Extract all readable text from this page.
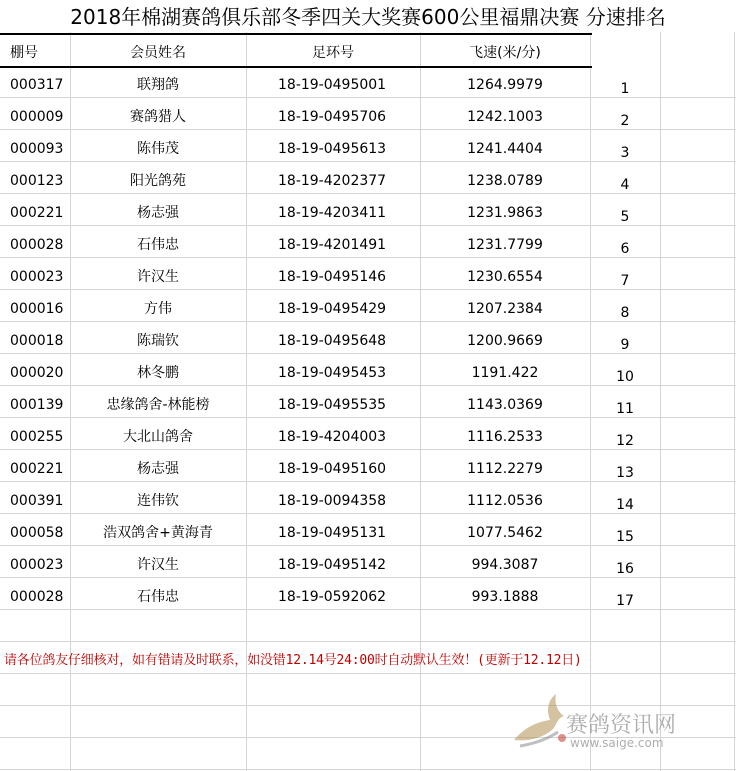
2018年棉湖赛鸽俱乐部冬季四关大奖赛600公里福鼎决赛 分速排名
棚号	会员姓名	足环号	飞速(米/分)
000317	联翔鸽	18-19-0495001	1264.9979	1
000009	赛鸽猎人	18-19-0495706	1242.1003	2
000093	陈伟茂	18-19-0495613	1241.4404	3
000123	阳光鸽苑	18-19-4202377	1238.0789	4
000221	杨志强	18-19-4203411	1231.9863	5
000028	石伟忠	18-19-4201491	1231.7799	6
000023	许汉生	18-19-0495146	1230.6554	7
000016	方伟	18-19-0495429	1207.2384	8
000018	陈瑞钦	18-19-0495648	1200.9669	9
000020	林冬鹏	18-19-0495453	1191.422	10
000139	忠缘鸽舍-林能榜	18-19-0495535	1143.0369	11
000255	大北山鸽舍	18-19-4204003	1116.2533	12
000221	杨志强	18-19-0495160	1112.2279	13
000391	连伟钦	18-19-0094358	1112.0536	14
000058	浩双鸽舍+黄海青	18-19-0495131	1077.5462	15
000023	许汉生	18-19-0495142	994.3087	16
000028	石伟忠	18-19-0592062	993.1888	17
请各位鸽友仔细核对，如有错请及时联系，如没错12.14号24:00时自动默认生效！(更新于12.12日)
赛鸽资讯网
www.saige.com
